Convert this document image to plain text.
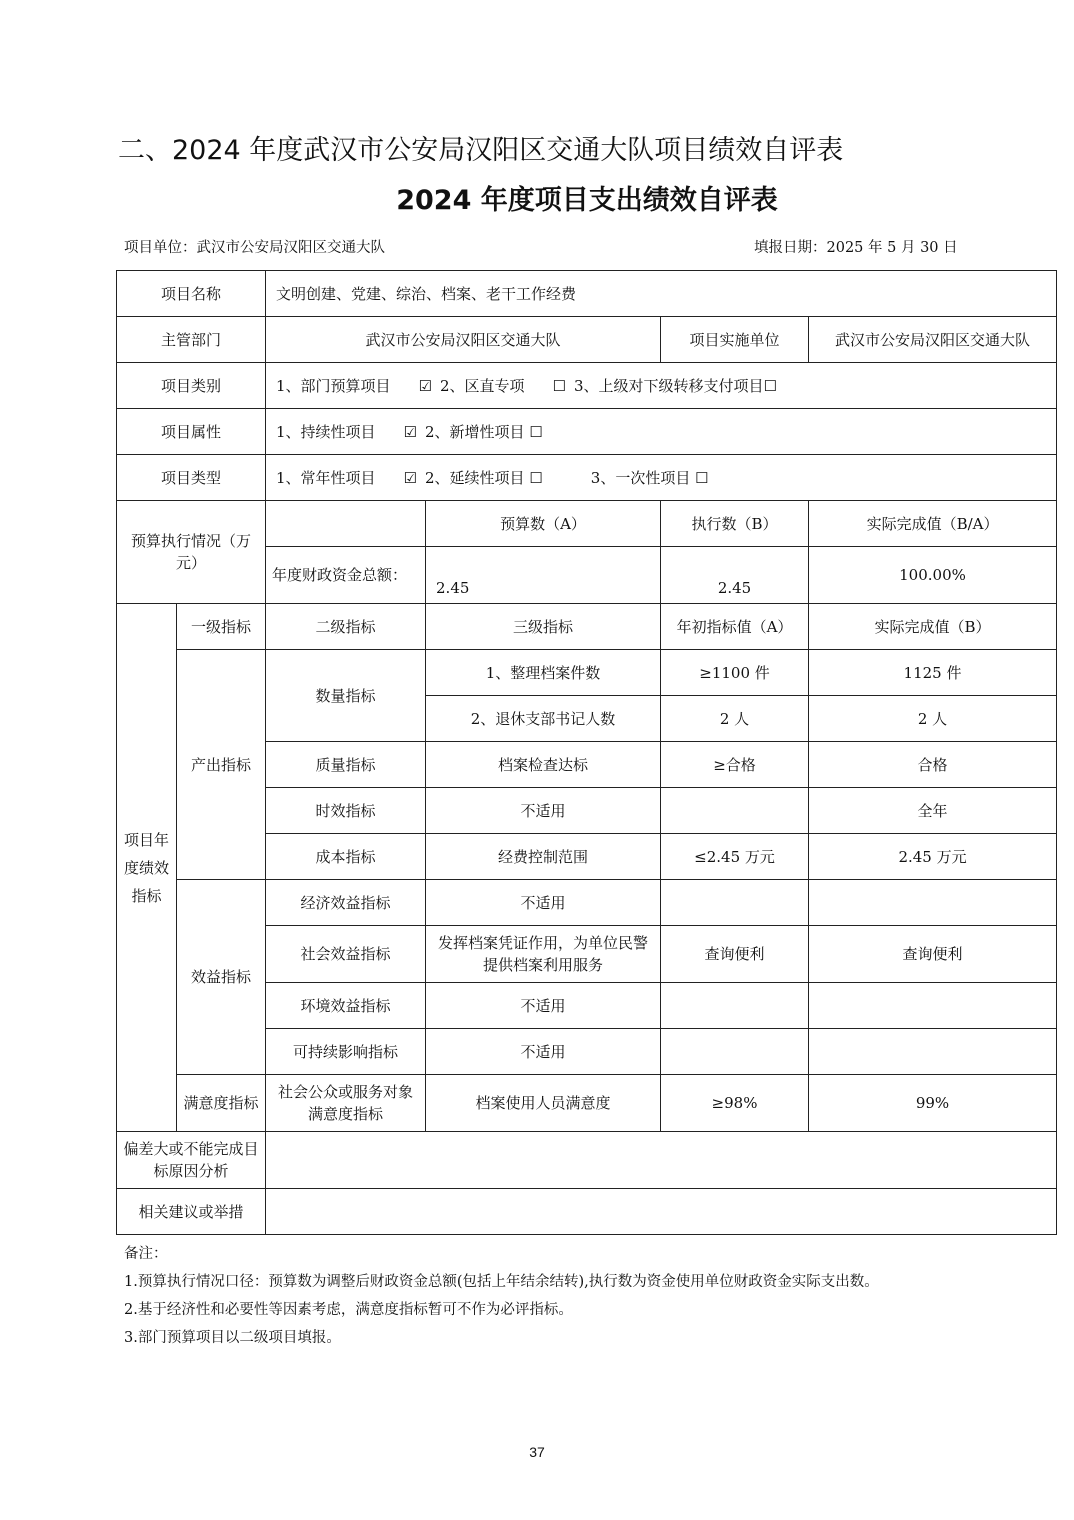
二、2024 年度武汉市公安局汉阳区交通大队项目绩效自评表
2024 年度项目支出绩效自评表
项目单位：武汉市公安局汉阳区交通大队	填报日期：2025 年 5 月 30 日
项目名称		文明创建、党建、综治、档案、老干工作经费			
主管部门		武汉市公安局汉阳区交通大队		项目实施单位	武汉市公安局汉阳区交通大队
项目类别		1、部门预算项目 ☑ 2、区直专项 ☐ 3、上级对下级转移支付项目☐			
项目属性		1、持续性项目 ☑ 2、新增性项目 ☐			
项目类型		1、常年性项目 ☑ 2、延续性项目 ☐ 3、一次性项目 ☐			
预算执行情况（万元）			预算数（A）	执行数（B）	实际完成值（B/A）
		年度财政资金总额：	2.45	2.45	100.00%
项目年度绩效指标	一级指标	二级指标	三级指标	年初指标值（A）	实际完成值（B）
	产出指标	数量指标	1、整理档案件数	≥1100 件	1125 件
			2、退休支部书记人数	2 人	2 人
		质量指标	档案检查达标	≥合格	合格
		时效指标	不适用		全年
		成本指标	经费控制范围	≤2.45 万元	2.45 万元
	效益指标	经济效益指标	不适用		
		社会效益指标	发挥档案凭证作用，为单位民警提供档案利用服务	查询便利	查询便利
		环境效益指标	不适用		
		可持续影响指标	不适用		
	满意度指标	社会公众或服务对象满意度指标	档案使用人员满意度	≥98%	99%
偏差大或不能完成目标原因分析					
相关建议或举措					
备注：
1.预算执行情况口径：预算数为调整后财政资金总额(包括上年结余结转),执行数为资金使用单位财政资金实际支出数。
2.基于经济性和必要性等因素考虑，满意度指标暂可不作为必评指标。
3.部门预算项目以二级项目填报。
37
